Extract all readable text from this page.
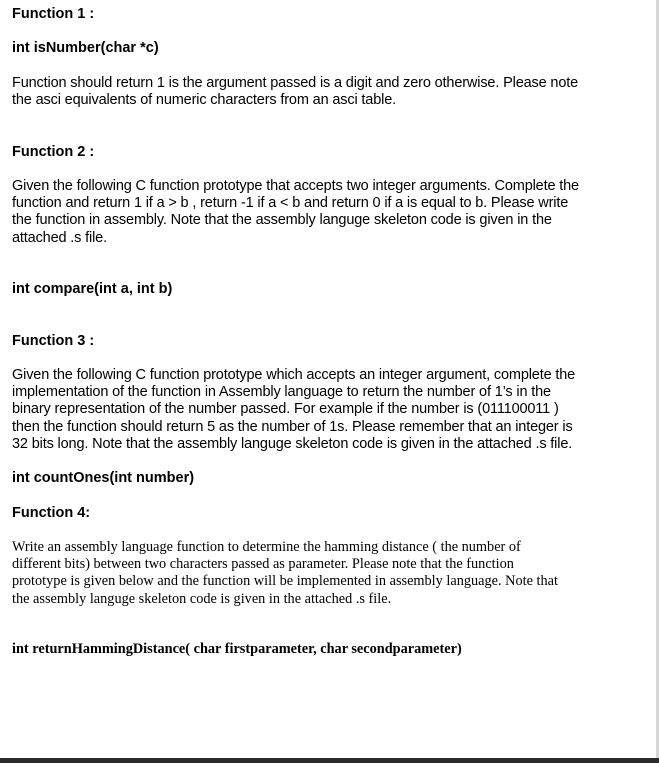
Function 1 :
int isNumber(char *c)
Function should return 1 is the argument passed is a digit and zero otherwise. Please note
the asci equivalents of numeric characters from an asci table.
Function 2 :
Given the following C function prototype that accepts two integer arguments. Complete the
function and return 1 if a > b , return -1 if a < b and return 0 if a is equal to b. Please write
the function in assembly. Note that the assembly languge skeleton code is given in the
attached .s file.
int compare(int a, int b)
Function 3 :
Given the following C function prototype which accepts an integer argument, complete the
implementation of the function in Assembly language to return the number of 1’s in the
binary representation of the number passed. For example if the number is (011100011 )
then the function should return 5 as the number of 1s. Please remember that an integer is
32 bits long. Note that the assembly languge skeleton code is given in the attached .s file.
int countOnes(int number)
Function 4:
Write an assembly language function to determine the hamming distance ( the number of
different bits) between two characters passed as parameter. Please note that the function
prototype is given below and the function will be implemented in assembly language. Note that
the assembly languge skeleton code is given in the attached .s file.
int returnHammingDistance( char firstparameter, char secondparameter)
